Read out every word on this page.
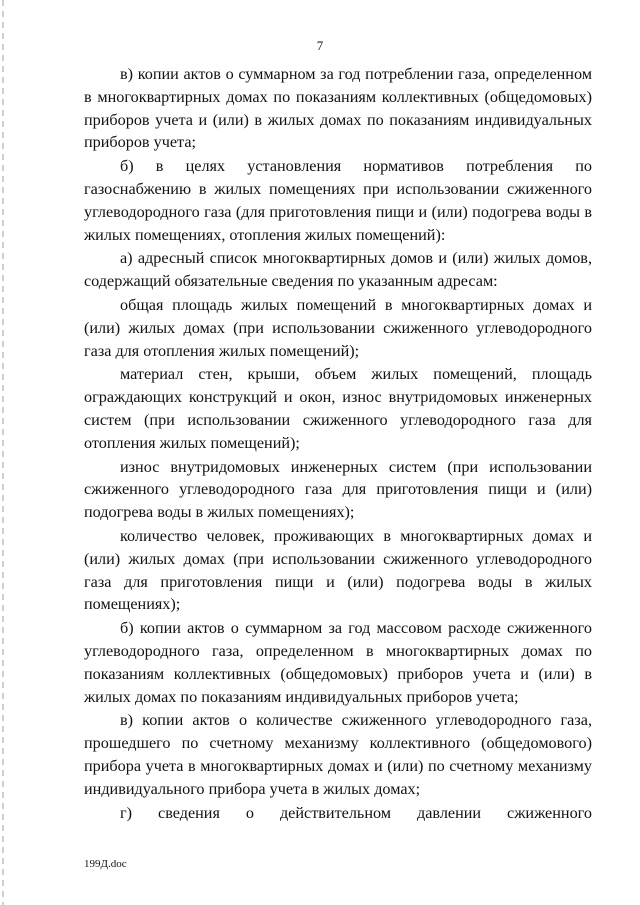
7

в) копии актов о суммарном за год потреблении газа, определенном в многоквартирных домах по показаниям коллективных (общедомовых) приборов учета и (или) в жилых домах по показаниям индивидуальных приборов учета;

б) в целях установления нормативов потребления по газоснабжению в жилых помещениях при использовании сжиженного углеводородного газа (для приготовления пищи и (или) подогрева воды в жилых помещениях, отопления жилых помещений):

а) адресный список многоквартирных домов и (или) жилых домов, содержащий обязательные сведения по указанным адресам:

общая площадь жилых помещений в многоквартирных домах и (или) жилых домах (при использовании сжиженного углеводородного газа для отопления жилых помещений);

материал стен, крыши, объем жилых помещений, площадь ограждающих конструкций и окон, износ внутридомовых инженерных систем (при использовании сжиженного углеводородного газа для отопления жилых помещений);

износ внутридомовых инженерных систем (при использовании сжиженного углеводородного газа для приготовления пищи и (или) подогрева воды в жилых помещениях);

количество человек, проживающих в многоквартирных домах и (или) жилых домах (при использовании сжиженного углеводородного газа для приготовления пищи и (или) подогрева воды в жилых помещениях);

б) копии актов о суммарном за год массовом расходе сжиженного углеводородного газа, определенном в многоквартирных домах по показаниям коллективных (общедомовых) приборов учета и (или) в жилых домах по показаниям индивидуальных приборов учета;

в) копии актов о количестве сжиженного углеводородного газа, прошедшего по счетному механизму коллективного (общедомового) прибора учета в многоквартирных домах и (или) по счетному механизму индивидуального прибора учета в жилых домах;

г) сведения о действительном давлении сжиженного

199Д.doc
